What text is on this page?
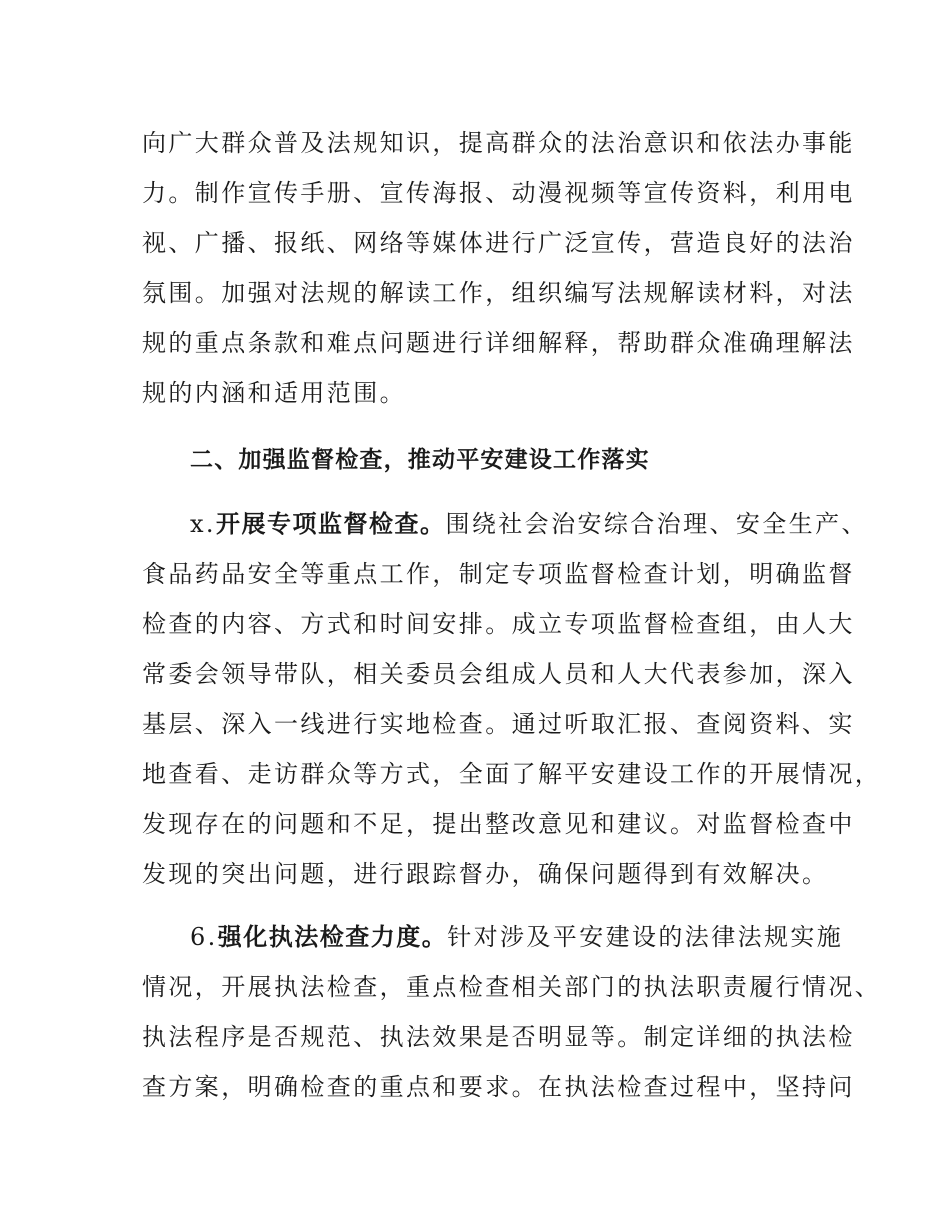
向广大群众普及法规知识，提高群众的法治意识和依法办事能
力。制作宣传手册、宣传海报、动漫视频等宣传资料，利用电
视、广播、报纸、网络等媒体进行广泛宣传，营造良好的法治
氛围。加强对法规的解读工作，组织编写法规解读材料，对法
规的重点条款和难点问题进行详细解释，帮助群众准确理解法
规的内涵和适用范围。
二、加强监督检查，推动平安建设工作落实
x.开展专项监督检查。围绕社会治安综合治理、安全生产、
食品药品安全等重点工作，制定专项监督检查计划，明确监督
检查的内容、方式和时间安排。成立专项监督检查组，由人大
常委会领导带队，相关委员会组成人员和人大代表参加，深入
基层、深入一线进行实地检查。通过听取汇报、查阅资料、实
地查看、走访群众等方式，全面了解平安建设工作的开展情况，
发现存在的问题和不足，提出整改意见和建议。对监督检查中
发现的突出问题，进行跟踪督办，确保问题得到有效解决。
6.强化执法检查力度。针对涉及平安建设的法律法规实施
情况，开展执法检查，重点检查相关部门的执法职责履行情况、
执法程序是否规范、执法效果是否明显等。制定详细的执法检
查方案，明确检查的重点和要求。在执法检查过程中，坚持问
